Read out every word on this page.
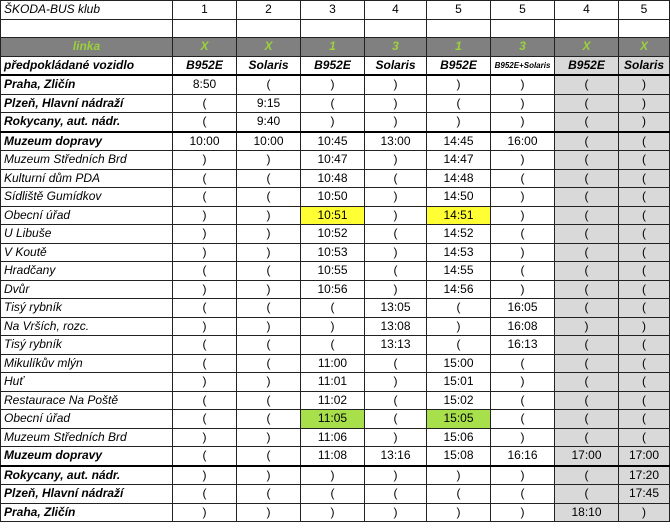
ŠKODA-BUS klub	1	2	3	4	5	5	4	5

linka	X	X	1	3	1	3	X	X
předpokládané vozidlo	B952E	Solaris	B952E	Solaris	B952E	B952E+Solaris	B952E	Solaris
Praha, Zličín	8:50	(	)	)	)	)	(	)
Plzeň, Hlavní nádraží	(	9:15	(	)	(	)	(	)
Rokycany, aut. nádr.	(	9:40	)	)	)	)	(	)
Muzeum dopravy	10:00	10:00	10:45	13:00	14:45	16:00	(	(
Muzeum Středních Brd	)	)	10:47	)	14:47	)	(	(
Kulturní dům PDA	(	(	10:48	(	14:48	(	(	(
Sídliště Gumídkov	(	(	10:50	)	14:50	)	(	(
Obecní úřad	)	)	10:51	)	14:51	)	(	(
U Libuše	)	)	10:52	(	14:52	(	(	(
V Koutě	)	)	10:53	)	14:53	)	(	(
Hradčany	(	(	10:55	(	14:55	(	(	(
Dvůr	)	)	10:56	)	14:56	)	(	(
Tisý rybník	(	(	(	13:05	(	16:05	(	(
Na Vrších, rozc.	)	)	)	13:08	)	16:08	)	)
Tisý rybník	(	(	(	13:13	(	16:13	(	(
Mikulíkův mlýn	(	(	11:00	(	15:00	(	(	(
Huť	)	)	11:01	)	15:01	)	(	(
Restaurace Na Poště	(	(	11:02	(	15:02	(	(	(
Obecní úřad	(	(	11:05	(	15:05	(	(	(
Muzeum Středních Brd	)	)	11:06	)	15:06	)	(	(
Muzeum dopravy	(	(	11:08	13:16	15:08	16:16	17:00	17:00
Rokycany, aut. nádr.	)	)	)	)	)	)	(	17:20
Plzeň, Hlavní nádraží	(	(	(	(	(	(	(	17:45
Praha, Zličín	)	)	)	)	)	)	18:10	)
